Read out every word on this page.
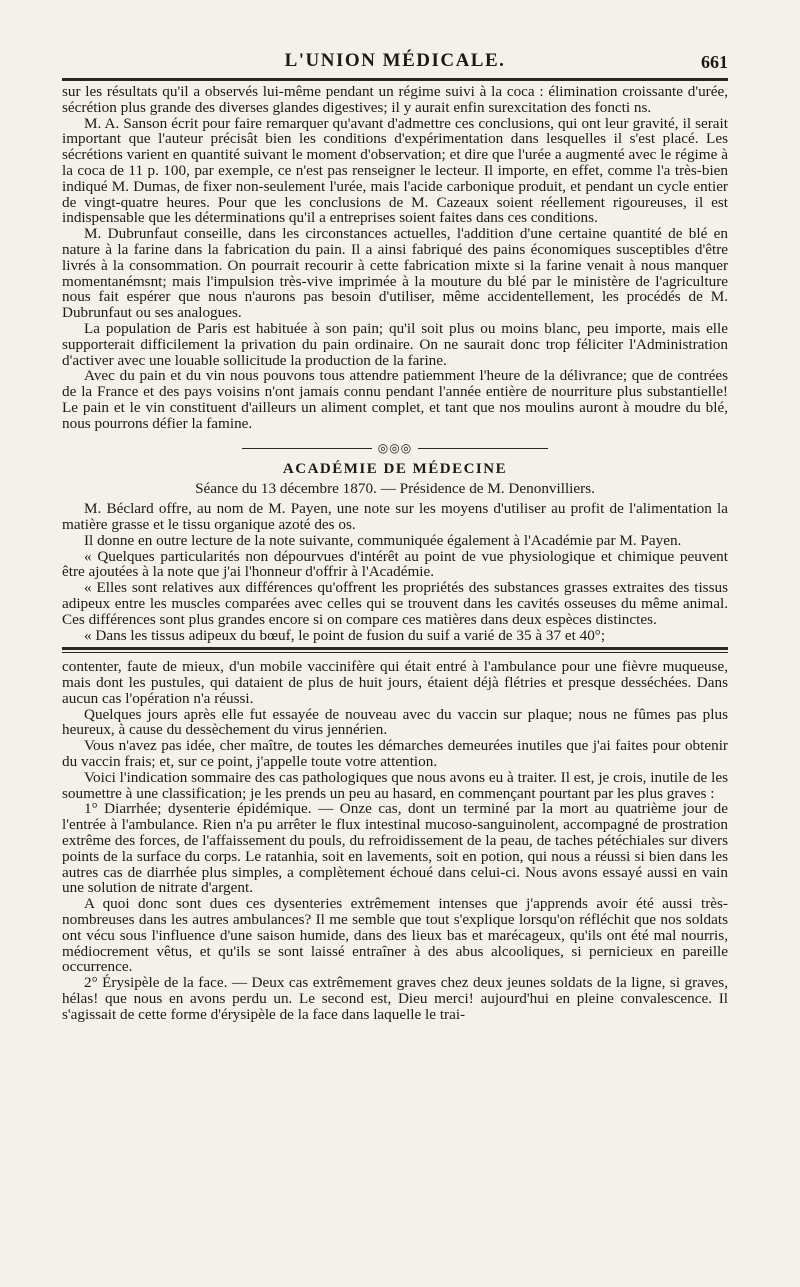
L'UNION MÉDICALE.	661

sur les résultats qu'il a observés lui-même pendant un régime suivi à la coca : élimination croissante d'urée, sécrétion plus grande des diverses glandes digestives; il y aurait enfin surexcitation des foncti ns.

M. A. Sanson écrit pour faire remarquer qu'avant d'admettre ces conclusions, qui ont leur gravité, il serait important que l'auteur précisât bien les conditions d'expérimentation dans lesquelles il s'est placé. Les sécrétions varient en quantité suivant le moment d'observation; et dire que l'urée a augmenté avec le régime à la coca de 11 p. 100, par exemple, ce n'est pas renseigner le lecteur. Il importe, en effet, comme l'a très-bien indiqué M. Dumas, de fixer non-seulement l'urée, mais l'acide carbonique produit, et pendant un cycle entier de vingt-quatre heures. Pour que les conclusions de M. Cazeaux soient réellement rigoureuses, il est indispensable que les déterminations qu'il a entreprises soient faites dans ces conditions.

M. Dubrunfaut conseille, dans les circonstances actuelles, l'addition d'une certaine quantité de blé en nature à la farine dans la fabrication du pain. Il a ainsi fabriqué des pains économiques susceptibles d'être livrés à la consommation. On pourrait recourir à cette fabrication mixte si la farine venait à nous manquer momentanémsnt; mais l'impulsion très-vive imprimée à la mouture du blé par le ministère de l'agriculture nous fait espérer que nous n'aurons pas besoin d'utiliser, même accidentellement, les procédés de M. Dubrunfaut ou ses analogues.

La population de Paris est habituée à son pain; qu'il soit plus ou moins blanc, peu importe, mais elle supporterait difficilement la privation du pain ordinaire. On ne saurait donc trop féliciter l'Administration d'activer avec une louable sollicitude la production de la farine.

Avec du pain et du vin nous pouvons tous attendre patiemment l'heure de la délivrance; que de contrées de la France et des pays voisins n'ont jamais connu pendant l'année entière de nourriture plus substantielle! Le pain et le vin constituent d'ailleurs un aliment complet, et tant que nos moulins auront à moudre du blé, nous pourrons défier la famine.

◎◎◎
ACADÉMIE DE MÉDECINE
Séance du 13 décembre 1870. — Présidence de M. Denonvilliers.

M. Béclard offre, au nom de M. Payen, une note sur les moyens d'utiliser au profit de l'alimentation la matière grasse et le tissu organique azoté des os.

Il donne en outre lecture de la note suivante, communiquée également à l'Académie par M. Payen.

« Quelques particularités non dépourvues d'intérêt au point de vue physiologique et chimique peuvent être ajoutées à la note que j'ai l'honneur d'offrir à l'Académie.

« Elles sont relatives aux différences qu'offrent les propriétés des substances grasses extraites des tissus adipeux entre les muscles comparées avec celles qui se trouvent dans les cavités osseuses du même animal. Ces différences sont plus grandes encore si on compare ces matières dans deux espèces distinctes.

« Dans les tissus adipeux du bœuf, le point de fusion du suif a varié de 35 à 37 et 40°;

contenter, faute de mieux, d'un mobile vaccinifère qui était entré à l'ambulance pour une fièvre muqueuse, mais dont les pustules, qui dataient de plus de huit jours, étaient déjà flétries et presque desséchées. Dans aucun cas l'opération n'a réussi.

Quelques jours après elle fut essayée de nouveau avec du vaccin sur plaque; nous ne fûmes pas plus heureux, à cause du dessèchement du virus jennérien.

Vous n'avez pas idée, cher maître, de toutes les démarches demeurées inutiles que j'ai faites pour obtenir du vaccin frais; et, sur ce point, j'appelle toute votre attention.

Voici l'indication sommaire des cas pathologiques que nous avons eu à traiter. Il est, je crois, inutile de les soumettre à une classification; je les prends un peu au hasard, en commençant pourtant par les plus graves :

1° Diarrhée; dysenterie épidémique. — Onze cas, dont un terminé par la mort au quatrième jour de l'entrée à l'ambulance. Rien n'a pu arrêter le flux intestinal mucoso-sanguinolent, accompagné de prostration extrême des forces, de l'affaissement du pouls, du refroidissement de la peau, de taches pétéchiales sur divers points de la surface du corps. Le ratanhia, soit en lavements, soit en potion, qui nous a réussi si bien dans les autres cas de diarrhée plus simples, a complètement échoué dans celui-ci. Nous avons essayé aussi en vain une solution de nitrate d'argent.

A quoi donc sont dues ces dysenteries extrêmement intenses que j'apprends avoir été aussi très-nombreuses dans les autres ambulances? Il me semble que tout s'explique lorsqu'on réfléchit que nos soldats ont vécu sous l'influence d'une saison humide, dans des lieux bas et marécageux, qu'ils ont été mal nourris, médiocrement vêtus, et qu'ils se sont laissé entraîner à des abus alcooliques, si pernicieux en pareille occurrence.

2° Érysipèle de la face. — Deux cas extrêmement graves chez deux jeunes soldats de la ligne, si graves, hélas! que nous en avons perdu un. Le second est, Dieu merci! aujourd'hui en pleine convalescence. Il s'agissait de cette forme d'érysipèle de la face dans laquelle le trai-
